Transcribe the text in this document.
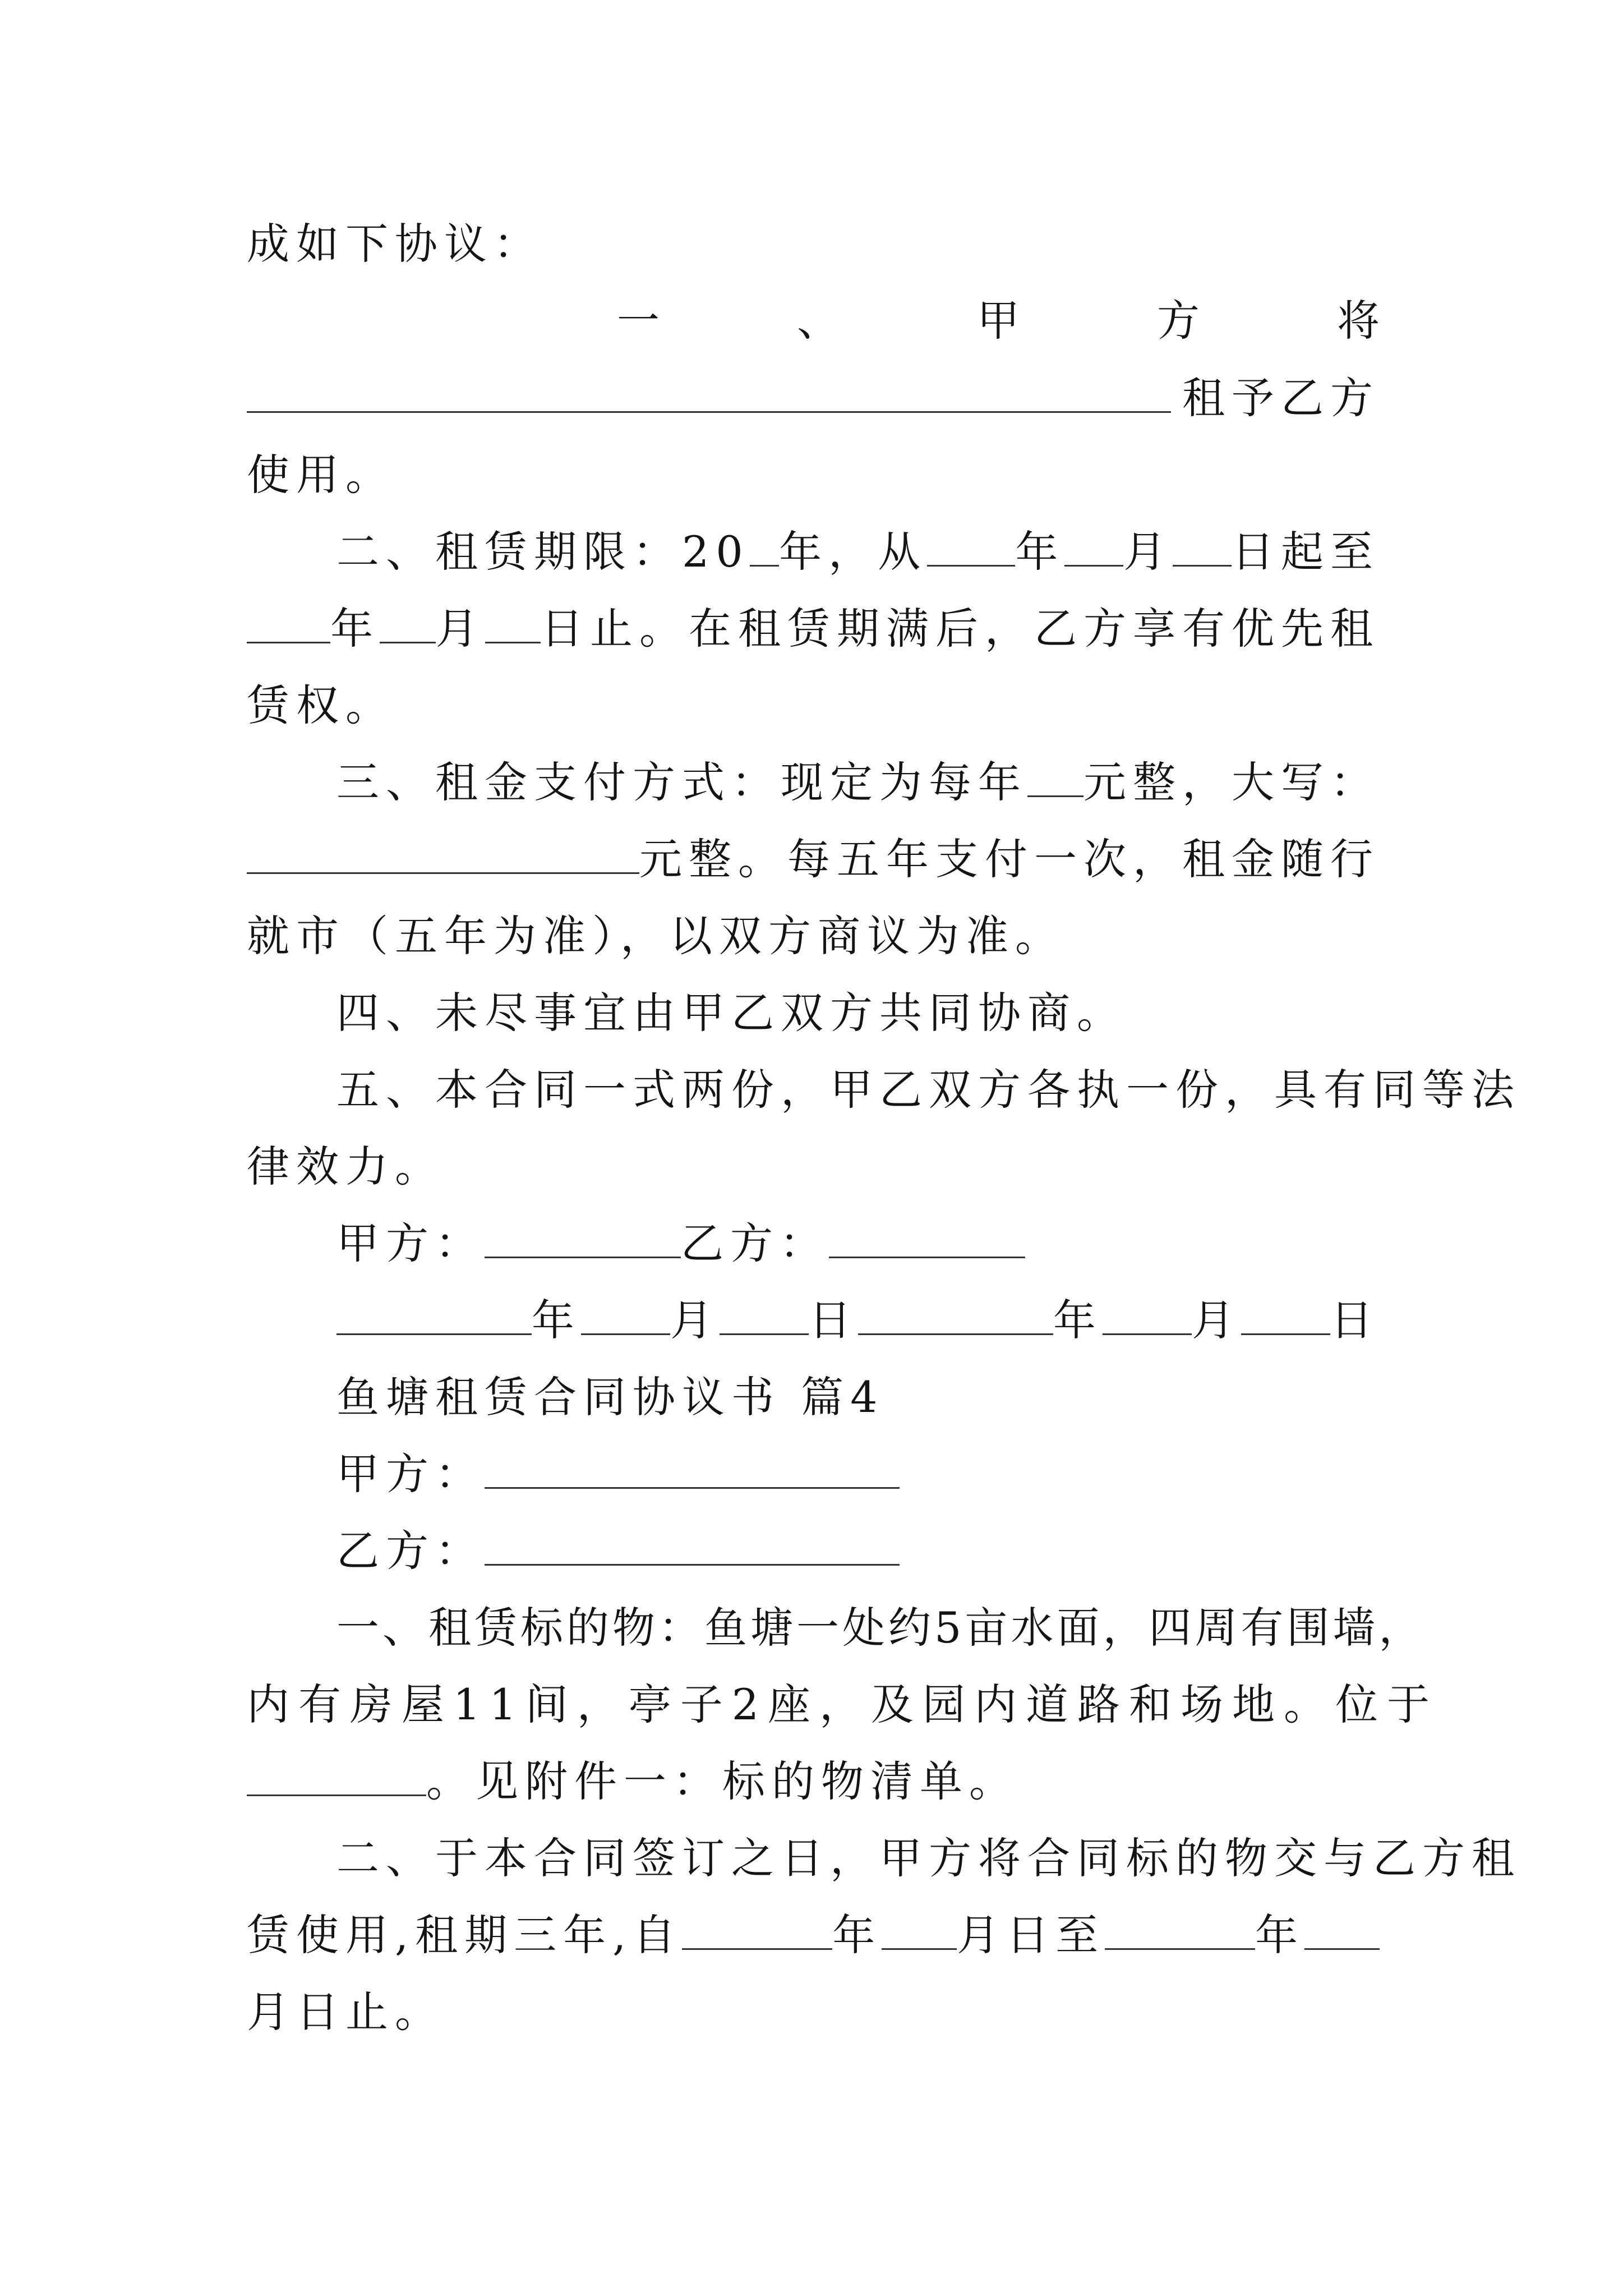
成如下协议：
一	、	甲	方	将
租予乙方
使用。
二、租赁期限：20 年，从 年 月 日起至
年 月 日止。在租赁期满后，乙方享有优先租
赁权。
三、租金支付方式：现定为每年 元整，大写：
元整。每五年支付一次，租金随行
就市（五年为准），以双方商议为准。
四、未尽事宜由甲乙双方共同协商。
五、本合同一式两份，甲乙双方各执一份，具有同等法
律效力。
甲方：	乙方：
年 月 日	年 月 日
鱼塘租赁合同协议书 篇4
甲方：
乙方：
一、租赁标的物：鱼塘一处约5亩水面，四周有围墙，
内有房屋11间，亭子2座，及园内道路和场地。位于
。见附件一：标的物清单。
二、于本合同签订之日，甲方将合同标的物交与乙方租
赁使用,租期三年,自	年 月日至	年
月日止。
